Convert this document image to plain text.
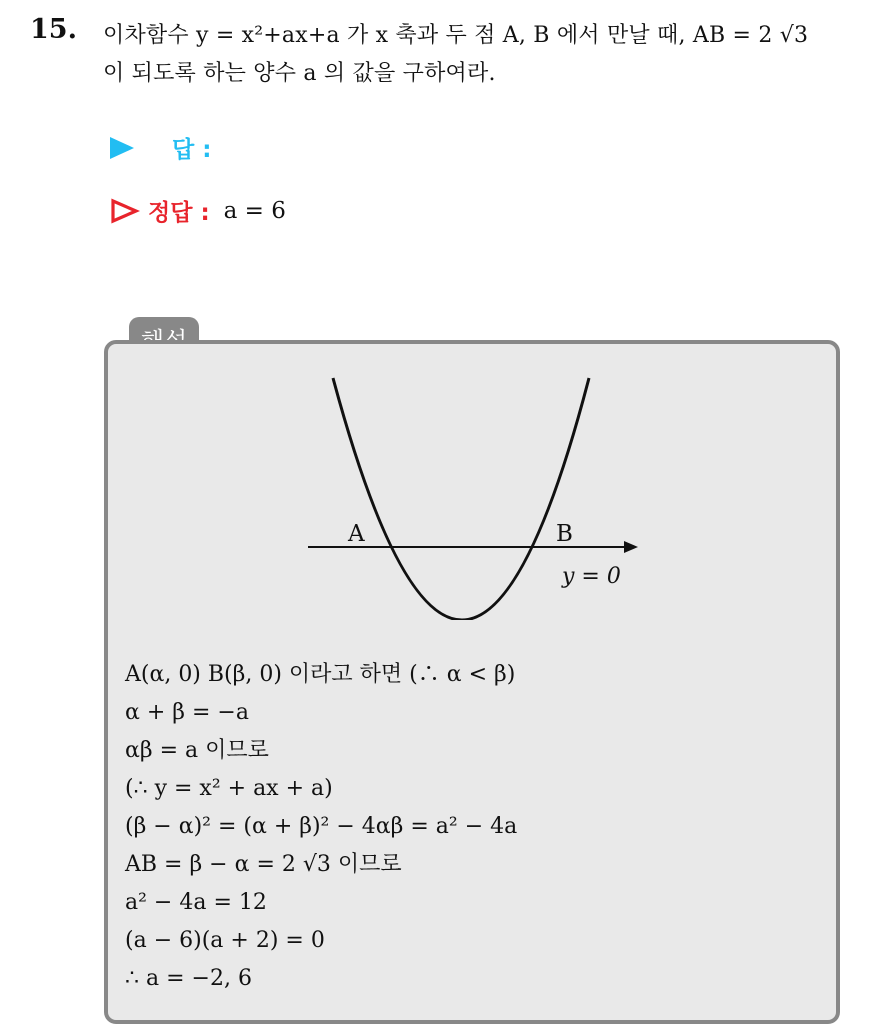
15. 이차함수 y = x²+ax+a 가 x 축과 두 점 A, B 에서 만날 때, AB = 2 √3
이 되도록 하는 양수 a 의 값을 구하여라.
답 :
정답 : a = 6
A	B
y = 0
A(α, 0) B(β, 0) 이라고 하면 (∴ α < β)
α + β = −a
αβ = a 이므로
(∴ y = x² + ax + a)
(β − α)² = (α + β)² − 4αβ = a² − 4a
AB = β − α = 2 √3 이므로
a² − 4a = 12
(a − 6)(a + 2) = 0
∴ a = −2, 6
